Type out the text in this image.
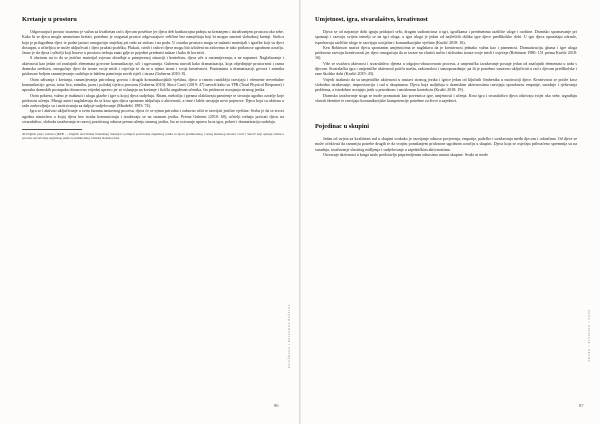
Kretanje u prostoru

Odgovarajući prostor izuzetno je važan za kvalitetan rad s djecom posebice jer djeca deb kratkotrajnu pažnju za kretanjem i istraživanjem prostora oko sebe. Kako bi se djeca mogla nesmetano kretati, potrebno je osigurati prostor odgovarajuće veličine bez namještaja koji bi mogao smetati slobodnoj kretnji. Stolica koja je prilagođena djeci te podni jastuci omogućuju smještaj pri radu za stolom i na podu. U ostatku prostora mogu se nalaziti materijali i igračke koji su djeci dostupni, a učiteljica se može uključivati i djeci pružati podršku. Plakati, crteži i radovi djece mogu biti izloženi na zidovima te tako pridonose ugodnom ozračju. Jasno je da djeca i učitelji koji borave u prostoru trebaju znati gdje se pojedini predmeti nalaze i kako ih koristiti.

S obzirom na to da se jezično materijal svjesno obrađuje u primjerenoj situaciji i kontekstu, djeca uče u razumijevanju, a ne napamet. Naglašavanje i aktivnosti kao jedan od značajnih elemenata govorne komunikacije, uči i ugovaranja. Gubernu navodi kako dramatizacija, koja objedinjuje prostornost i razna dramska sredstva, omogućuje djeci da izraze svoje misli i osjećaje te da se u njima izrazi i svoja kreativnost. Pantomima u dramatizaciji govora i mimika pridonose boljem razumijevanju sadržaja te lakšem pamćenju novih riječi i izraza (Guberna 2010: 8).

Osim uživanja i kretanja, razumijevanja prirodnog govora i drugih komunikacijskih vještina, djeca u ranom razdoblju razvijaju i elemente neverbalne komunikacije: gestu, izraz lica, mimiku, pozu i položaj tijela u prostoru (Guberna 2010). Skoci Curić (2019: 47) navodi kako su TPR (Total Physical Response) i uporaba dramskih postupaka obrazovno vrijedni upravo jer se oslanjaju na kretanje i fizički angažman učenika, što pridonosi usvajanju stranog jezika.

Osim pokreta, važno je istaknuti i ulogu glazbe i igre u kojoj djeca sudjeluju. Ritam, melodija i pjesma olakšavaju pamćenje te stvaraju ugodno ozračje koje pridonosi učenju. Mnogi autori naglašavaju da se kroz igru djeca spontano uključuju u aktivnosti, a time i lakše usvajaju nove pojmove. Djeca koja su aktivna u radu zadovoljnija su i motiviranija za daljnje sudjelovanje (Mardešić 1983: 74).

Igra se i aktivno uključivanje u svim fazama nastavnog procesa, djeca će se njima prirodno i zabavno učiti te razvijati jezične vještine. Svrha je da se stvori ugodna atmosfera u kojoj djeca bez straha komuniciraju i izražavaju se na stranom jeziku. Prema Guberni (2010: 60), učitelji trebaju poticati djecu na stvaralaštvo, slobodu izražavanja te razvoj pozitivnog odnosa prema učenju stranog jezika, što se ostvaruje upravo kroz igru, pokret i dramatizaciju sadržaja.

40 English plays website (IKPB — English and Drama Workshop) materijal i primjeri poučavanja engleskog jezika za djecu predškolskog i ranog školskog uzrasta; Curić i Skočić koji opisuju razinu u procesu ostvarivanja engleskog jezika u predškolskoj i mlađoj školskoj dobi.
KNJIŽEVNA I KULTURNA BAŠTINA
86
Umjetnost, igra, stvaralaštvo, kreativnost

Djeca se od najranije dobi igraju pridajući sebi, drugim sudionicima u igri, igračkama i predmetima različite uloge i osobine. Dramsko spoznavanje pri spoznaji i razvoju svijeta temelji se na igri uloga, a igra uloga je jedan od najčešćih oblika igre djece predškolske dobi. U igri djeca oponašaju odrasle, isprobavaju različite uloge te razvijaju socijalne i komunikacijske vještine (Krušić 2018: 16).

Ken Robinson naziva djecu spontanim umjetnicima te naglašava da je kreativnost jednako važna kao i pismenost. Dramatizacija, gluma i igre uloga pridonose razvoju kreativnosti jer djeci omogućuju da se izraze na vlastiti način i slobodno izraze svoje misli i osjećaje (Robinson 1980: 151 prema Krušić 2018: 16).

Više se uvažava aktivnost i stvaralaštvo djeteta u odgojno-obrazovnom procesu, a umjetničko izražavanje postaje jedan od značajnih elemenata u radu s djecom. Stvaralačka igra i umjetničke aktivnosti potiču maštu, radoznalost i samopouzdanje, pa ih je potrebno sustavno uključivati u rad s djecom predškolske i rane školske dobi (Krušić 2019: 43).

Vrijedi istaknuti da su umjetničke aktivnosti u nastavi stranog jezika i igrice jedan od ključnih čimbenika u motivaciji djece. Kreativnost se potiče kroz slobodno izražavanje, improvizaciju i rad u skupinama. Djeca koja sudjeluju u dramskim aktivnostima razvijaju sposobnost empatije, suradnje i rješavanja problema, a istodobno usvajaju jezik u prirodnom i smislenom kontekstu (Krušić 2018: 19).

Dramsko izražavanje stoga se može promatrati kao poveznica igre, umjetnosti i učenja. Kroz igru i stvaralaštvo djeca otkrivaju svijet oko sebe, izgrađuju vlastiti identitet te razvijaju komunikacijske kompetencije potrebne za život u zajednici.

Pojedinac u skupini

Jedan od uvjeta za kvalitetan rad u skupini svakako je razvijanje odnosa povjerenja, empatije, podrške i uvažavanja među djecom i odraslima. Od djece se može očekivati da razumiju potrebe drugih te da svojim ponašanjem pridonose ugodnom ozračju u skupini. Djeca koja se osjećaju prihvaćeno spremnija su na suradnju, izražavanje vlastitog mišljenja i sudjelovanje u zajedničkim aktivnostima.

Ostvaruje aktivnosti u kruga malo predstavlja pripremljenim odnosima unutar skupine. Svaki se može

KUĆA • PJEVANJE • DRAMA
87
